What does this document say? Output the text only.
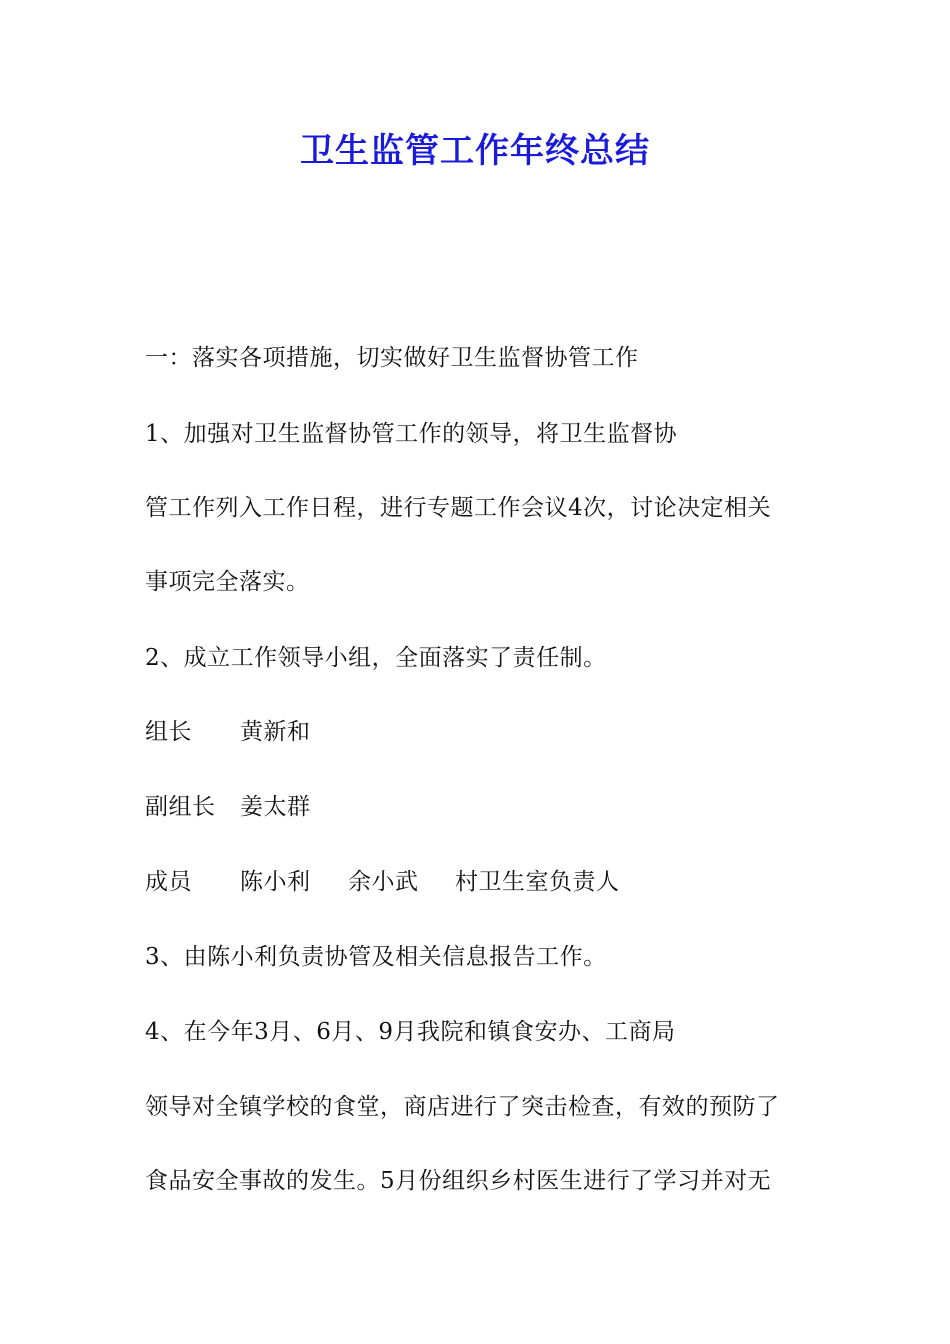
卫生监管工作年终总结
一：落实各项措施，切实做好卫生监督协管工作
1、加强对卫生监督协管工作的领导，将卫生监督协
管工作列入工作日程，进行专题工作会议4次，讨论决定相关
事项完全落实。
2、成立工作领导小组，全面落实了责任制。
组长 黄新和
副组长 姜太群
成员 陈小利 余小武 村卫生室负责人
3、由陈小利负责协管及相关信息报告工作。
4、在今年3月、6月、9月我院和镇食安办、工商局
领导对全镇学校的食堂，商店进行了突击检查，有效的预防了
食品安全事故的发生。5月份组织乡村医生进行了学习并对无
